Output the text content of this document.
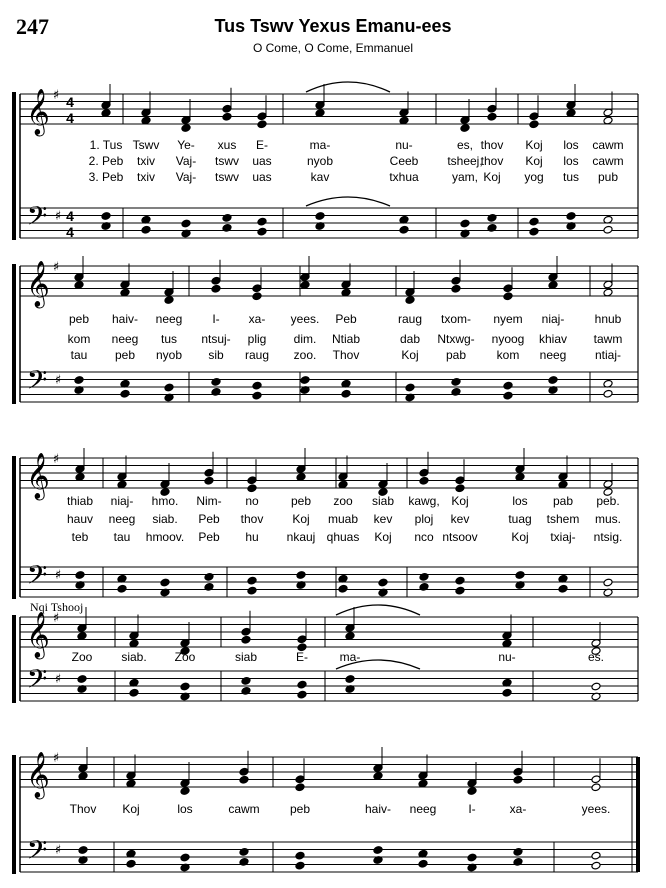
247	Tus Tswv Yexus Emanu-ees
O Come, O Come, Emmanuel
Nqi Tshooj
𝄞
𝄢
♯
♯
4
4
4
4
𝄞
𝄢
♯
♯
𝄞
𝄢
♯
♯
𝄞
𝄢
♯
♯
𝄞
𝄢
♯
♯
1. Tus Tswv Ye- xus E-	ma-	nu-	es, thov Koj los cawm
2. Peb txiv Vaj- tswv uas	nyob	Ceeb tsheej,
thov Koj los cawm
3. Peb txiv Vaj- tswv uas	kav	txhua	yam, Koj yog tus pub
peb haiv- neeg I- xa- yees. Peb	raug txom- nyem niaj-	hnub
kom neeg tus ntsuj- plig dim. Ntiab	dab Ntxwg- nyoog khiav tawm
tau peb nyob sib raug zoo. Thov	Koj pab	kom neeg ntiaj-
thiab niaj- hmo. Nim- no	peb zoo siab kawg, Koj	los pab peb.
hauv neeg siab. Peb thov Koj muab kev ploj kev	tuag tshem mus.
teb tau hmoov. Peb hu nkauj qhuas Koj nco ntsoov	Koj txiaj- ntsig.
Zoo siab. Zoo	siab	E-	ma-	nu-	es.
Thov Koj	los	cawm	peb	haiv- neeg	I-	xa-	yees.
